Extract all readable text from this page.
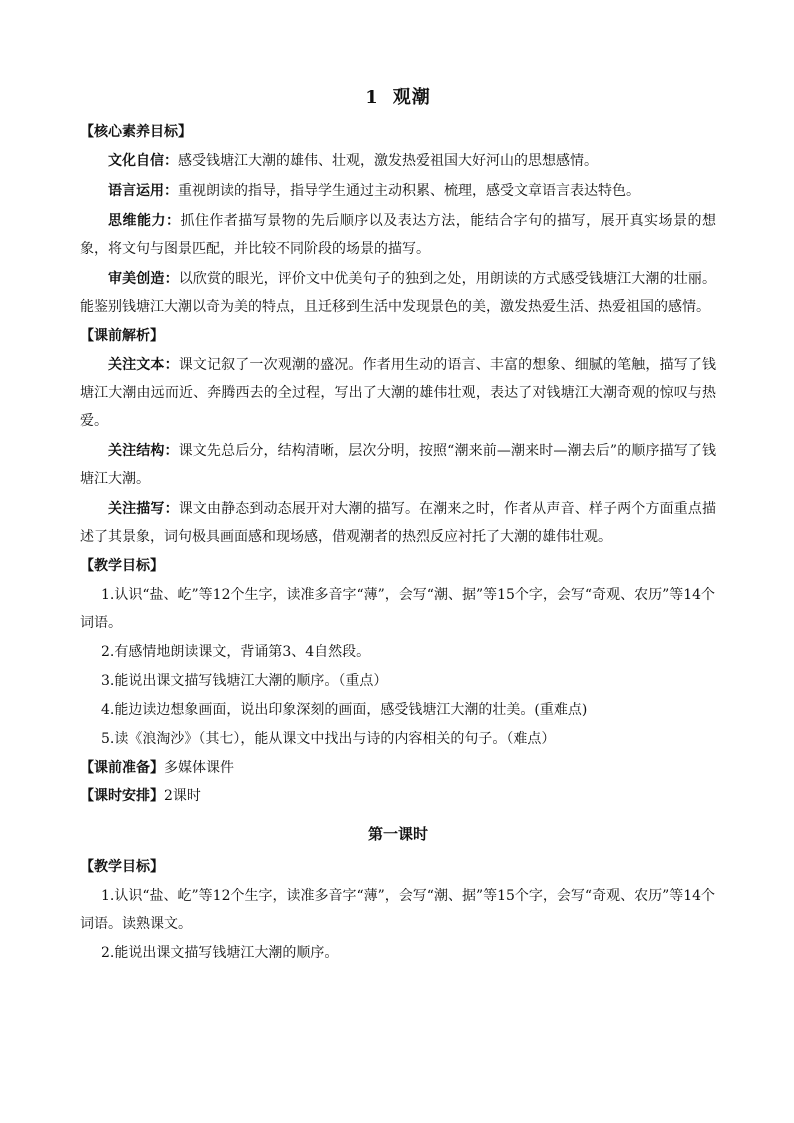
1 观潮
【核心素养目标】

文化自信：感受钱塘江大潮的雄伟、壮观，激发热爱祖国大好河山的思想感情。

语言运用：重视朗读的指导，指导学生通过主动积累、梳理，感受文章语言表达特色。

思维能力：抓住作者描写景物的先后顺序以及表达方法，能结合字句的描写，展开真实场景的想象，将文句与图景匹配，并比较不同阶段的场景的描写。

审美创造：以欣赏的眼光，评价文中优美句子的独到之处，用朗读的方式感受钱塘江大潮的壮丽。能鉴别钱塘江大潮以奇为美的特点，且迁移到生活中发现景色的美，激发热爱生活、热爱祖国的感情。

【课前解析】

关注文本：课文记叙了一次观潮的盛况。作者用生动的语言、丰富的想象、细腻的笔触，描写了钱塘江大潮由远而近、奔腾西去的全过程，写出了大潮的雄伟壮观，表达了对钱塘江大潮奇观的惊叹与热爱。

关注结构：课文先总后分，结构清晰，层次分明，按照“潮来前—潮来时—潮去后”的顺序描写了钱塘江大潮。

关注描写：课文由静态到动态展开对大潮的描写。在潮来之时，作者从声音、样子两个方面重点描述了其景象，词句极具画面感和现场感，借观潮者的热烈反应衬托了大潮的雄伟壮观。

【教学目标】

1.认识“盐、屹”等12个生字，读准多音字“薄”，会写“潮、据”等15个字，会写“奇观、农历”等14个词语。

2.有感情地朗读课文，背诵第3、4自然段。

3.能说出课文描写钱塘江大潮的顺序。（重点）

4.能边读边想象画面，说出印象深刻的画面，感受钱塘江大潮的壮美。(重难点)

5.读《浪淘沙》（其七），能从课文中找出与诗的内容相关的句子。（难点）

【课前准备】多媒体课件

【课时安排】2课时

第一课时
【教学目标】

1.认识“盐、屹”等12个生字，读准多音字“薄”，会写“潮、据”等15个字，会写“奇观、农历”等14个词语。读熟课文。

2.能说出课文描写钱塘江大潮的顺序。
